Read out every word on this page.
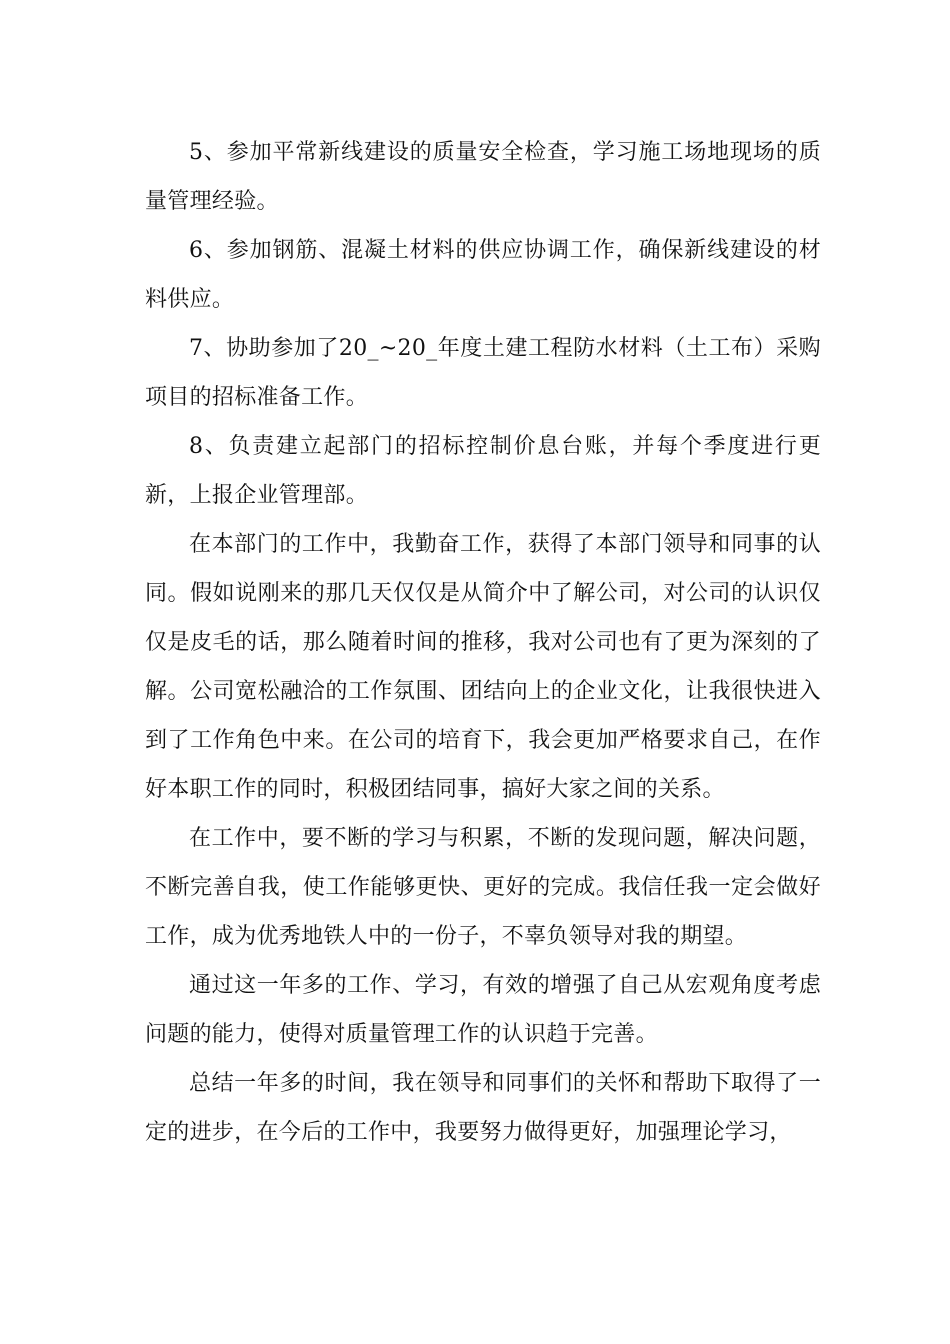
5、参加平常新线建设的质量安全检查，学习施工场地现场的质量管理经验。

6、参加钢筋、混凝土材料的供应协调工作，确保新线建设的材料供应。

7、协助参加了20_~20_年度土建工程防水材料（土工布）采购项目的招标准备工作。

8、负责建立起部门的招标控制价息台账，并每个季度进行更新，上报企业管理部。

在本部门的工作中，我勤奋工作，获得了本部门领导和同事的认同。假如说刚来的那几天仅仅是从简介中了解公司，对公司的认识仅仅是皮毛的话，那么随着时间的推移，我对公司也有了更为深刻的了解。公司宽松融洽的工作氛围、团结向上的企业文化，让我很快进入到了工作角色中来。在公司的培育下，我会更加严格要求自己，在作好本职工作的同时，积极团结同事，搞好大家之间的关系。

在工作中，要不断的学习与积累，不断的发现问题，解决问题，不断完善自我，使工作能够更快、更好的完成。我信任我一定会做好工作，成为优秀地铁人中的一份子，不辜负领导对我的期望。

通过这一年多的工作、学习，有效的增强了自己从宏观角度考虑问题的能力，使得对质量管理工作的认识趋于完善。

总结一年多的时间，我在领导和同事们的关怀和帮助下取得了一定的进步，在今后的工作中，我要努力做得更好，加强理论学习，
